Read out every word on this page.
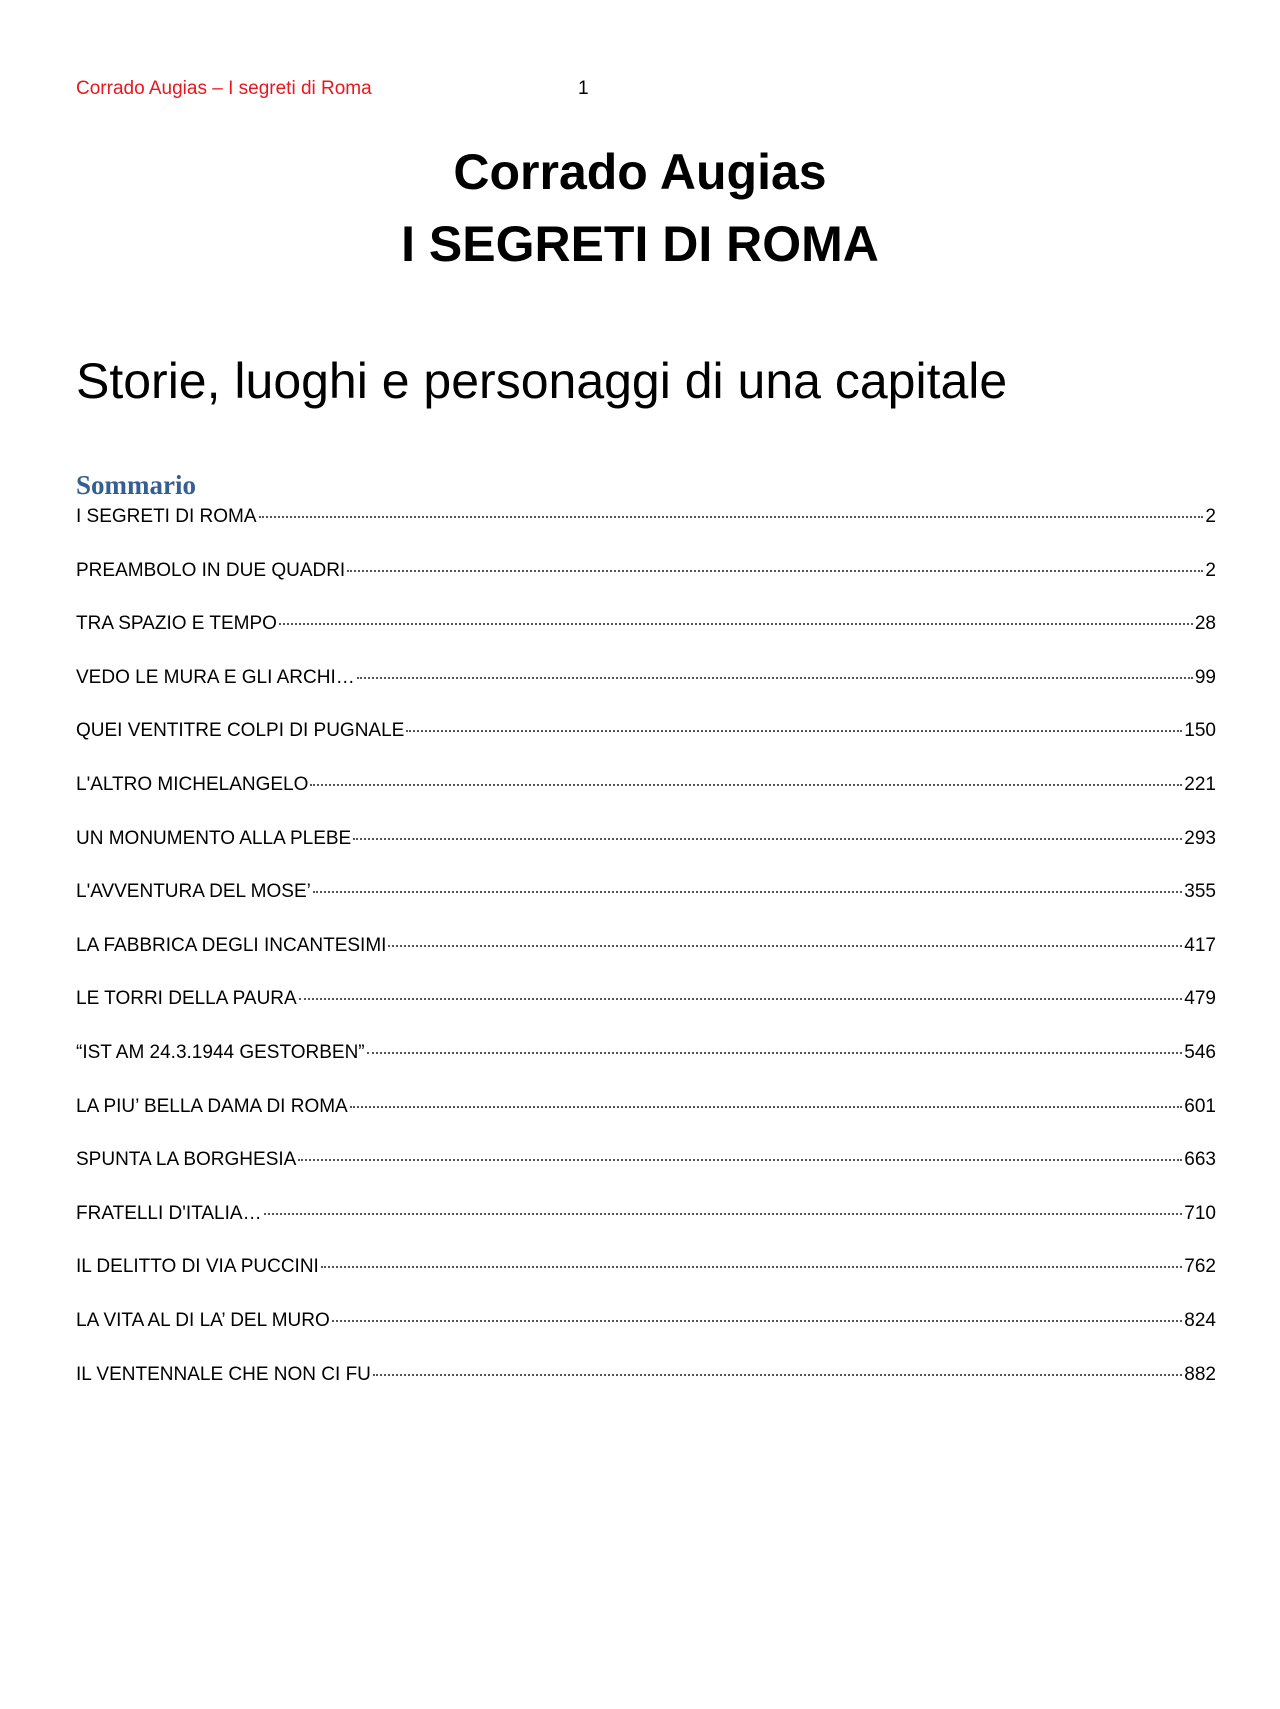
Corrado Augias – I segreti di Roma	1
Corrado Augias
I SEGRETI DI ROMA
Storie, luoghi e personaggi di una capitale
Sommario
I SEGRETI DI ROMA	2
PREAMBOLO IN DUE QUADRI	2
TRA SPAZIO E TEMPO	28
VEDO LE MURA E GLI ARCHI…	99
QUEI VENTITRE COLPI DI PUGNALE	150
L'ALTRO MICHELANGELO	221
UN MONUMENTO ALLA PLEBE	293
L'AVVENTURA DEL MOSE’	355
LA FABBRICA DEGLI INCANTESIMI	417
LE TORRI DELLA PAURA	479
“IST AM 24.3.1944 GESTORBEN”	546
LA PIU’ BELLA DAMA DI ROMA	601
SPUNTA LA BORGHESIA	663
FRATELLI D'ITALIA…	710
IL DELITTO DI VIA PUCCINI	762
LA VITA AL DI LA’ DEL MURO	824
IL VENTENNALE CHE NON CI FU	882
